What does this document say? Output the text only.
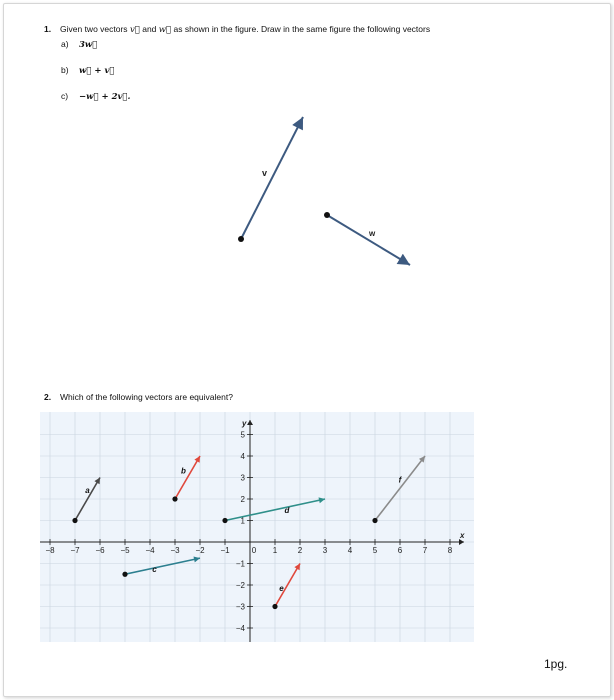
1. Given two vectors v⃗ and w⃗ as shown in the figure. Draw in the same figure the following vectors
a) 3w⃗
b) w⃗ + v⃗
c) −w⃗ + 2v⃗.
v
w
2. Which of the following vectors are equivalent?
x
y
−8 −7 −6 −5 −4 −3 −2 −1	0 1	2	3	4	5	6	7	8
5
4
3
2
1
−1
−2
−3
−4
a
b
c
d
e
f
1pg.
